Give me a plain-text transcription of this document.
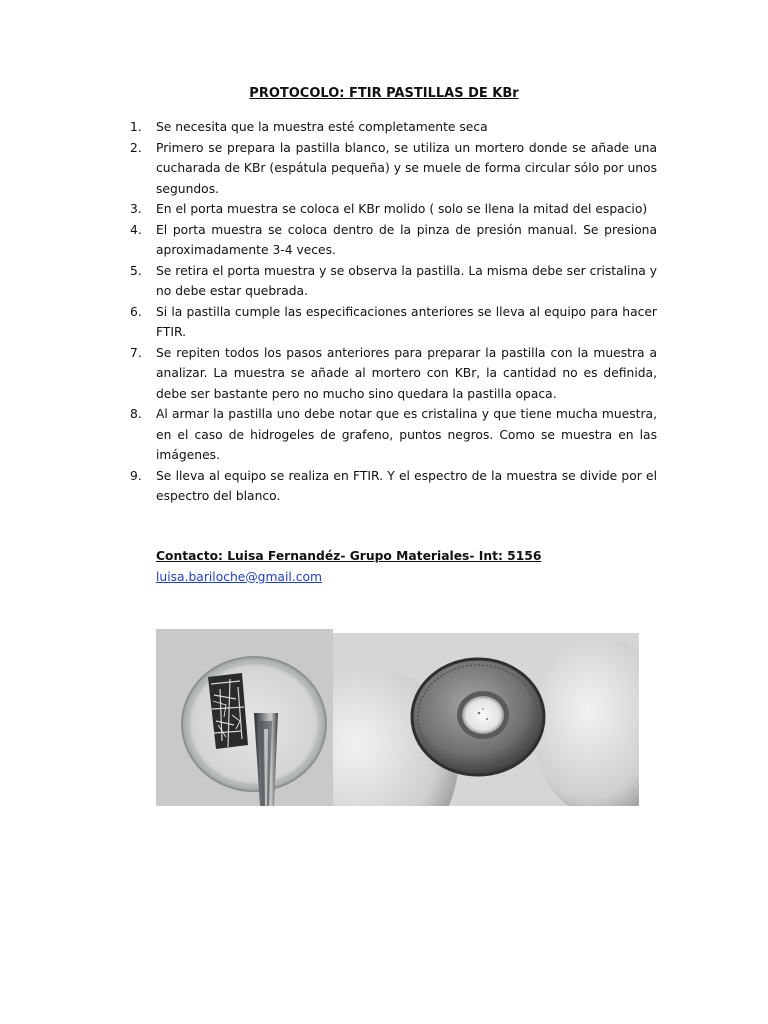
PROTOCOLO: FTIR PASTILLAS DE KBr
1. Se necesita que la muestra esté completamente seca
2. Primero se prepara la pastilla blanco, se utiliza un mortero donde se añade una cucharada de KBr (espátula pequeña) y se muele de forma circular sólo por unos segundos.
3. En el porta muestra se coloca el KBr molido ( solo se llena la mitad del espacio)
4. El porta muestra se coloca dentro de la pinza de presión manual. Se presiona aproximadamente 3-4 veces.
5. Se retira el porta muestra y se observa la pastilla. La misma debe ser cristalina y no debe estar quebrada.
6. Si la pastilla cumple las especificaciones anteriores se lleva al equipo para hacer FTIR.
7. Se repiten todos los pasos anteriores para preparar la pastilla con la muestra a analizar. La muestra se añade al mortero con KBr, la cantidad no es definida, debe ser bastante pero no mucho sino quedara la pastilla opaca.
8. Al armar la pastilla uno debe notar que es cristalina y que tiene mucha muestra, en el caso de hidrogeles de grafeno, puntos negros. Como se muestra en las imágenes.
9. Se lleva al equipo se realiza en FTIR. Y el espectro de la muestra se divide por el espectro del blanco.
Contacto: Luisa Fernandéz- Grupo Materiales- Int: 5156
luisa.bariloche@gmail.com
